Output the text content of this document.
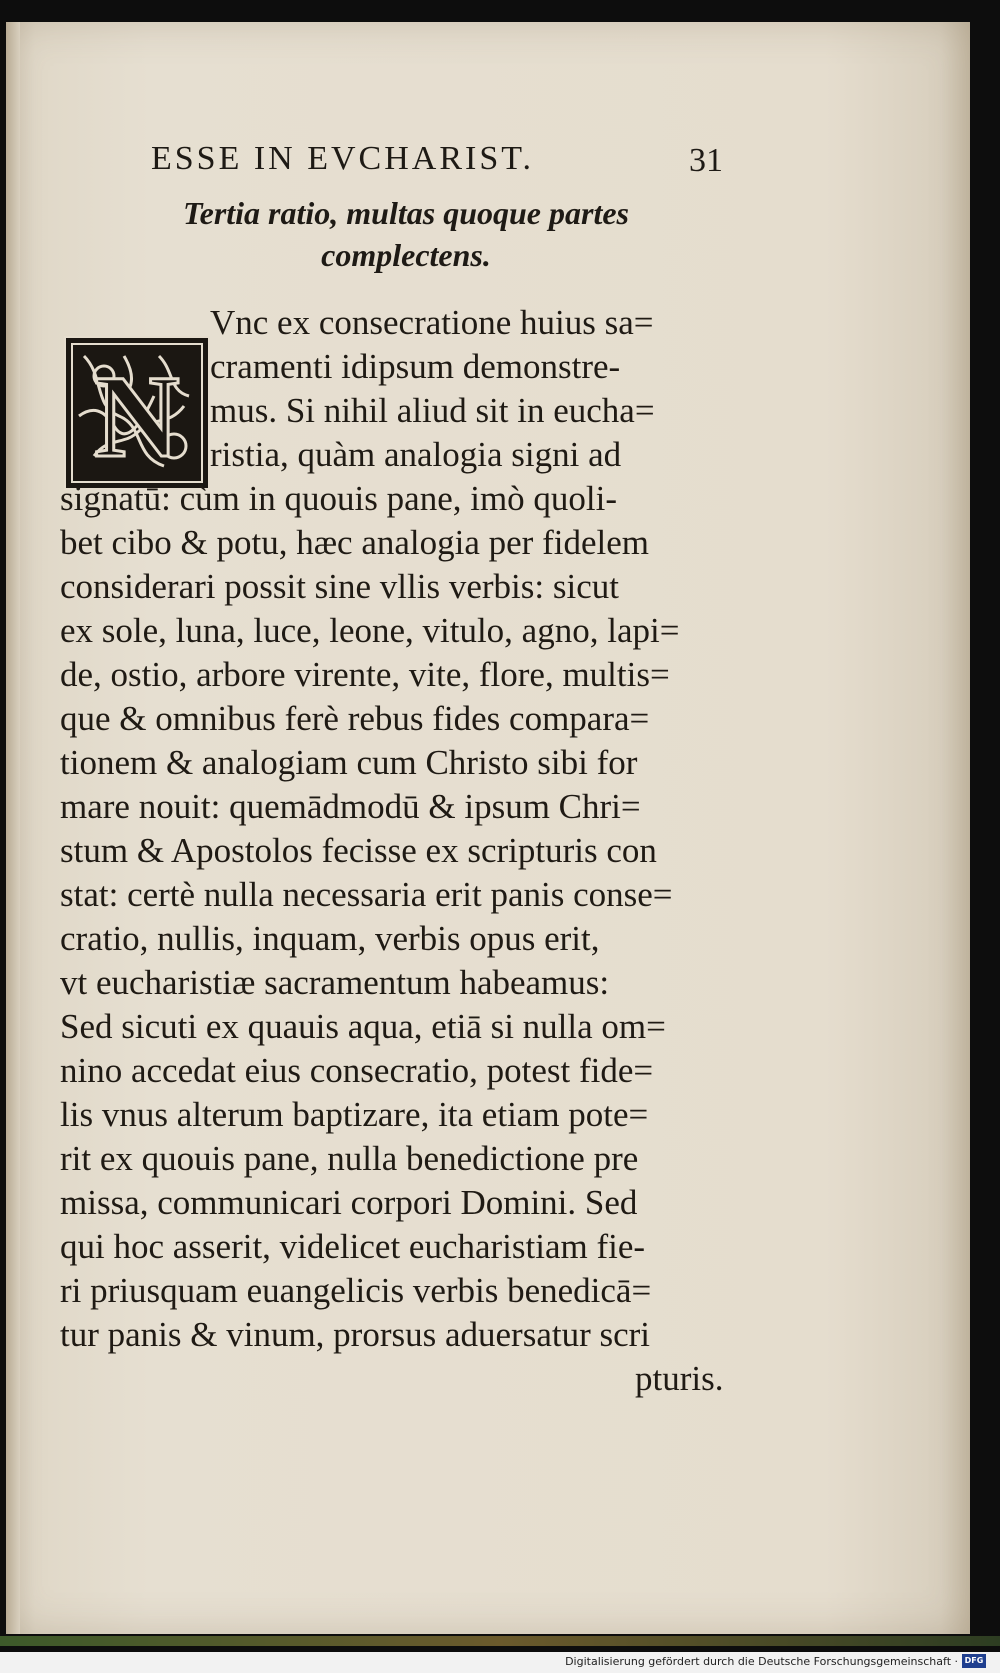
ESSE IN EVCHARIST.	31
Tertia ratio, multas quoque partes
complectens.
N
Vnc ex consecratione huius sa=
cramenti idipsum demonstre-
mus. Si nihil aliud sit in eucha=
ristia, quàm analogia signi ad
signatū: cùm in quouis pane, imò quoli-
bet cibo & potu, hæc analogia per fidelem
considerari possit sine vllis verbis: sicut
ex sole, luna, luce, leone, vitulo, agno, lapi=
de, ostio, arbore virente, vite, flore, multis=
que & omnibus ferè rebus fides compara=
tionem & analogiam cum Christo sibi for
mare nouit: quemādmodū & ipsum Chri=
stum & Apostolos fecisse ex scripturis con
stat: certè nulla necessaria erit panis conse=
cratio, nullis, inquam, verbis opus erit,
vt eucharistiæ sacramentum habeamus:
Sed sicuti ex quauis aqua, etiā si nulla om=
nino accedat eius consecratio, potest fide=
lis vnus alterum baptizare, ita etiam pote=
rit ex quouis pane, nulla benedictione pre
missa, communicari corpori Domini. Sed
qui hoc asserit, videlicet eucharistiam fie-
ri priusquam euangelicis verbis benedicā=
tur panis & vinum, prorsus aduersatur scri
pturis.
Digitalisierung gefördert durch die Deutsche Forschungsgemeinschaft · DFG
